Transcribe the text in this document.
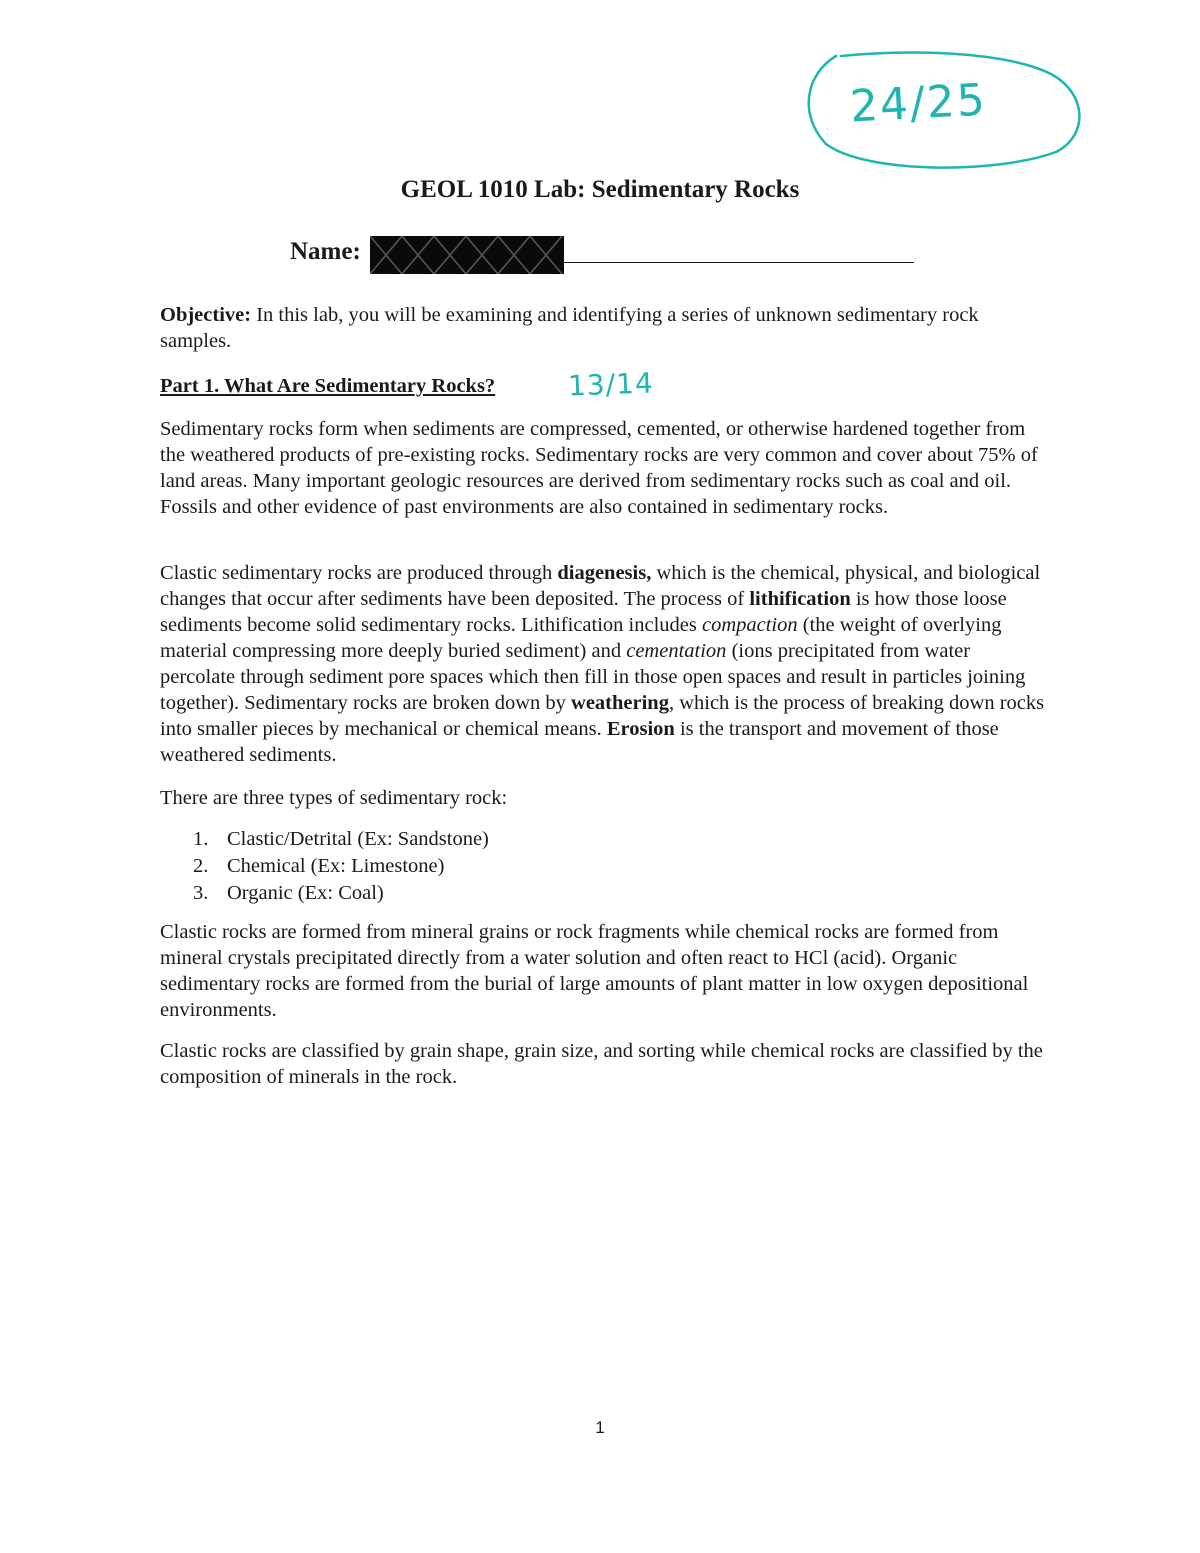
24/25
GEOL 1010 Lab: Sedimentary Rocks
Name:
Objective: In this lab, you will be examining and identifying a series of unknown sedimentary rock samples.
Part 1. What Are Sedimentary Rocks?	13/14
Sedimentary rocks form when sediments are compressed, cemented, or otherwise hardened together from the weathered products of pre-existing rocks. Sedimentary rocks are very common and cover about 75% of land areas. Many important geologic resources are derived from sedimentary rocks such as coal and oil. Fossils and other evidence of past environments are also contained in sedimentary rocks.
Clastic sedimentary rocks are produced through diagenesis, which is the chemical, physical, and biological changes that occur after sediments have been deposited. The process of lithification is how those loose sediments become solid sedimentary rocks. Lithification includes compaction (the weight of overlying material compressing more deeply buried sediment) and cementation (ions precipitated from water percolate through sediment pore spaces which then fill in those open spaces and result in particles joining together). Sedimentary rocks are broken down by weathering, which is the process of breaking down rocks into smaller pieces by mechanical or chemical means. Erosion is the transport and movement of those weathered sediments.
There are three types of sedimentary rock:
1. Clastic/Detrital (Ex: Sandstone)
2. Chemical (Ex: Limestone)
3. Organic (Ex: Coal)
Clastic rocks are formed from mineral grains or rock fragments while chemical rocks are formed from mineral crystals precipitated directly from a water solution and often react to HCl (acid). Organic sedimentary rocks are formed from the burial of large amounts of plant matter in low oxygen depositional environments.
Clastic rocks are classified by grain shape, grain size, and sorting while chemical rocks are classified by the composition of minerals in the rock.
1
